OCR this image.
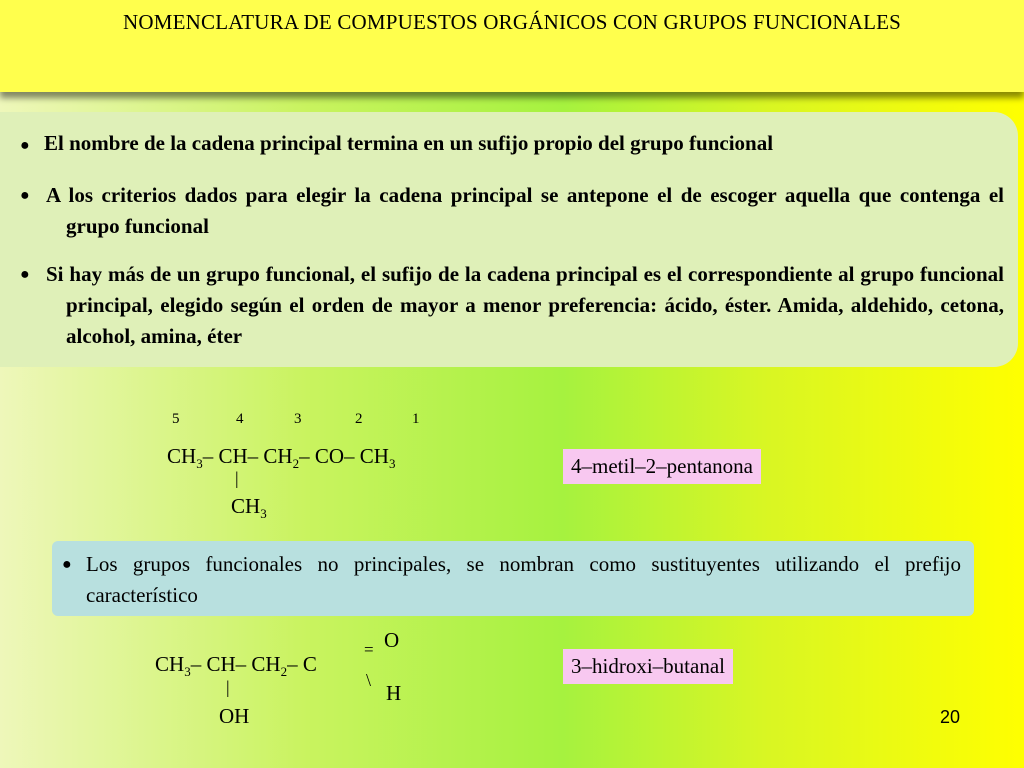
NOMENCLATURA DE COMPUESTOS ORGÁNICOS CON GRUPOS FUNCIONALES
● El nombre de la cadena principal termina en un sufijo propio del grupo funcional

● A los criterios dados para elegir la cadena principal se antepone el de escoger aquella que contenga el grupo funcional

● Si hay más de un grupo funcional, el sufijo de la cadena principal es el correspondiente al grupo funcional principal, elegido según el orden de mayor a menor preferencia: ácido, éster. Amida, aldehido, cetona, alcohol, amina, éter

5	4	3	2	1
$CH_3-$ CH– $CH_2-$ CO– $CH_3$
|
$CH_3$
4–metil–2–pentanona
● Los grupos funcionales no principales, se nombran como sustituyentes utilizando el prefijo característico

O
=
$CH_3-$ CH– $CH_2-$ C
\
H
|
OH
3–hidroxi–butanal
20
